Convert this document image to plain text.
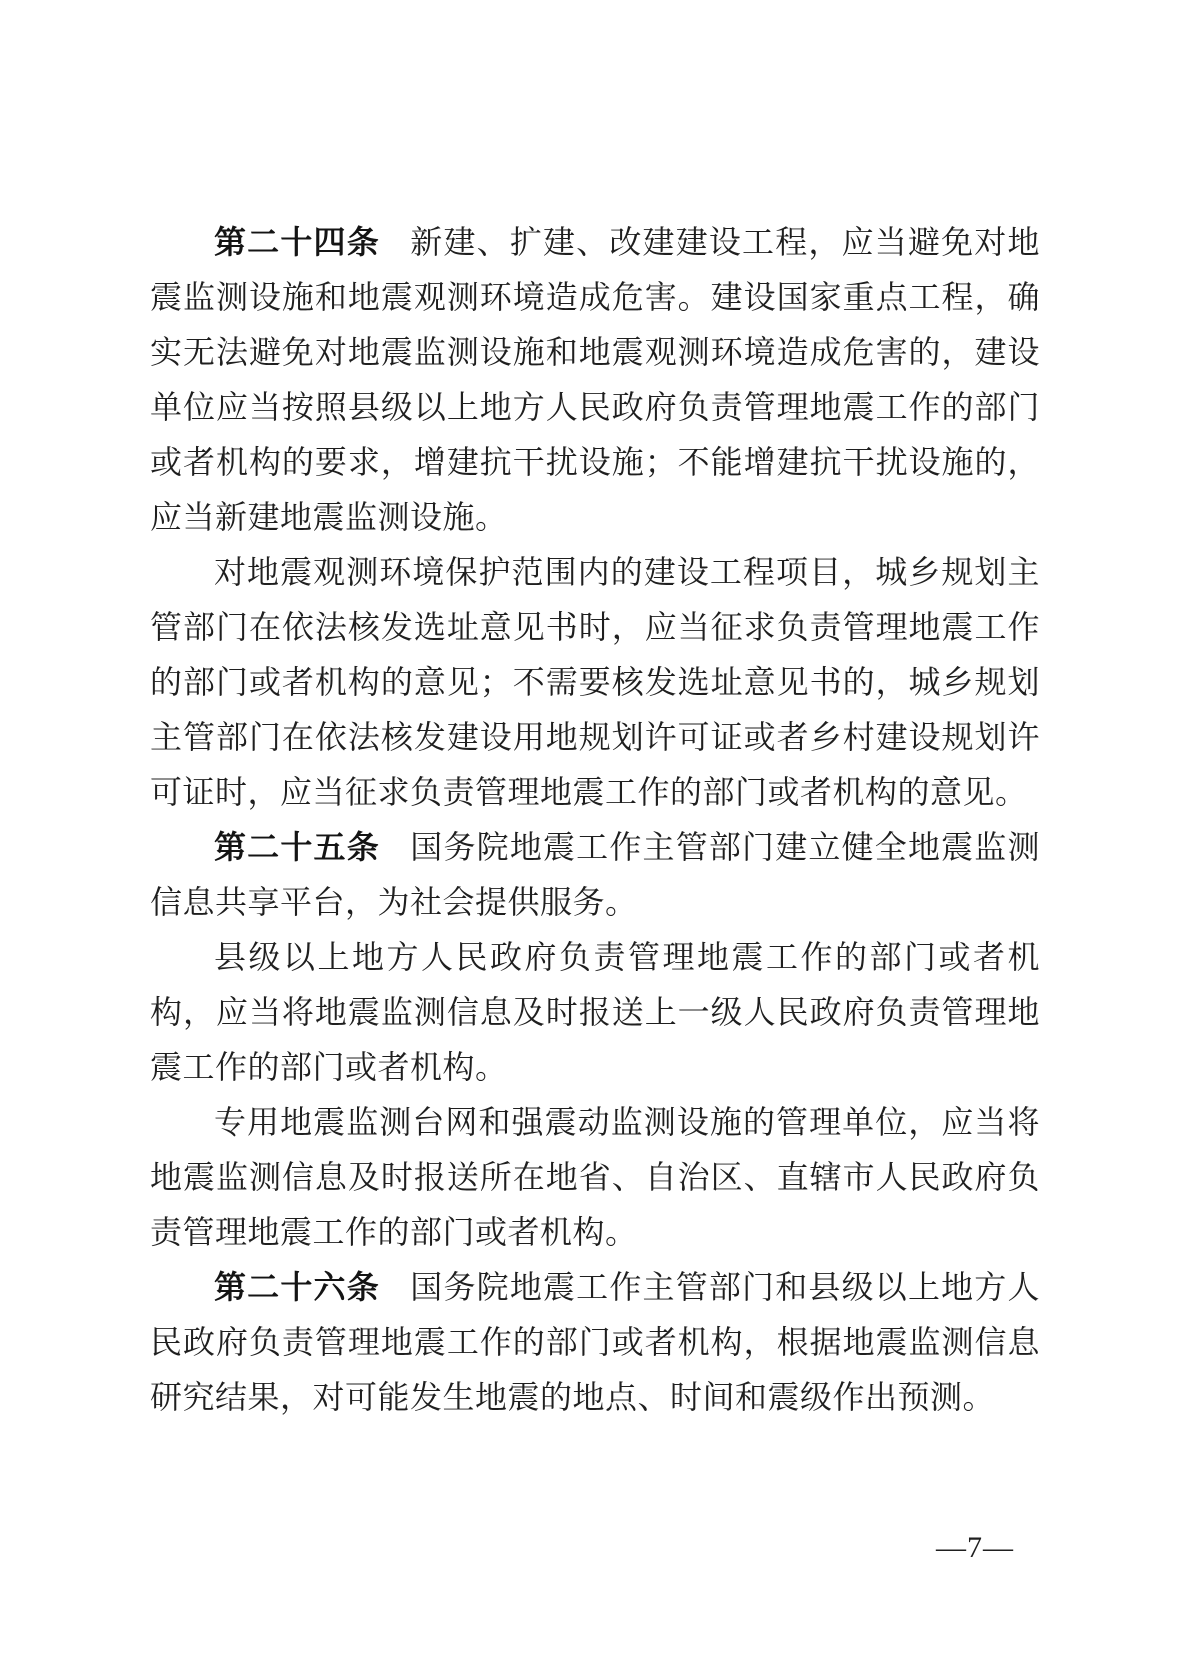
第二十四条 新建、扩建、改建建设工程，应当避免对地震监测设施和地震观测环境造成危害。建设国家重点工程，确实无法避免对地震监测设施和地震观测环境造成危害的，建设单位应当按照县级以上地方人民政府负责管理地震工作的部门或者机构的要求，增建抗干扰设施；不能增建抗干扰设施的，应当新建地震监测设施。

对地震观测环境保护范围内的建设工程项目，城乡规划主管部门在依法核发选址意见书时，应当征求负责管理地震工作的部门或者机构的意见；不需要核发选址意见书的，城乡规划主管部门在依法核发建设用地规划许可证或者乡村建设规划许可证时，应当征求负责管理地震工作的部门或者机构的意见。

第二十五条 国务院地震工作主管部门建立健全地震监测信息共享平台，为社会提供服务。

县级以上地方人民政府负责管理地震工作的部门或者机构，应当将地震监测信息及时报送上一级人民政府负责管理地震工作的部门或者机构。

专用地震监测台网和强震动监测设施的管理单位，应当将地震监测信息及时报送所在地省、自治区、直辖市人民政府负责管理地震工作的部门或者机构。

第二十六条 国务院地震工作主管部门和县级以上地方人民政府负责管理地震工作的部门或者机构，根据地震监测信息研究结果，对可能发生地震的地点、时间和震级作出预测。

—7—
